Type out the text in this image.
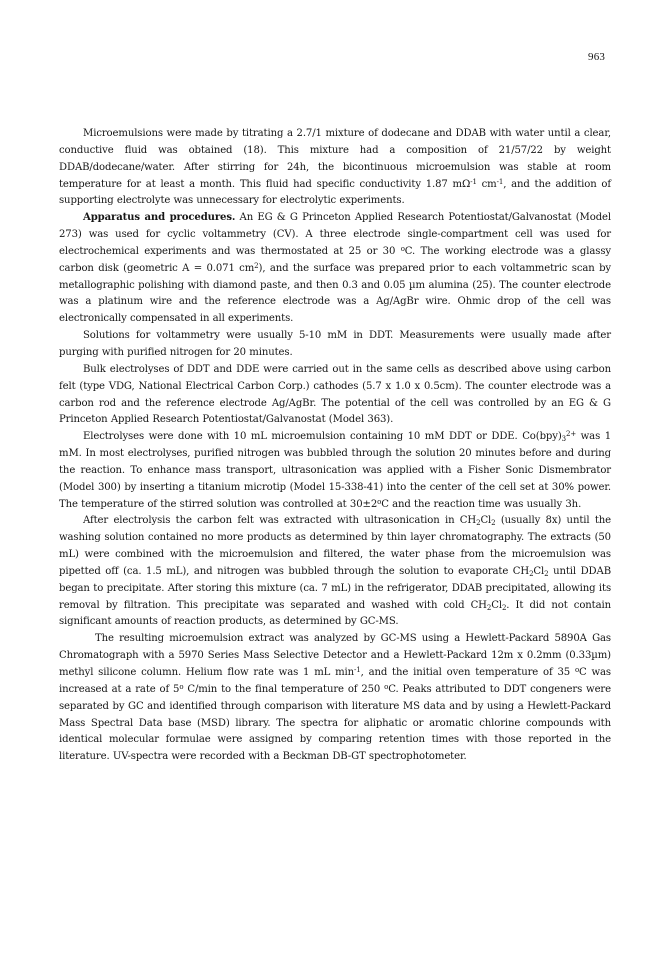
963

Microemulsions were made by titrating a 2.7/1 mixture of dodecane and DDAB with water until a clear, conductive fluid was obtained (18). This mixture had a composition of 21/57/22 by weight DDAB/dodecane/water. After stirring for 24h, the bicontinuous microemulsion was stable at room temperature for at least a month. This fluid had specific conductivity 1.87 $m\Omega^{-1}$ $cm^{-1}$, and the addition of supporting electrolyte was unnecessary for electrolytic experiments.

Apparatus and procedures. An EG & G Princeton Applied Research Potentiostat/Galvanostat (Model 273) was used for cyclic voltammetry (CV). A three electrode single-compartment cell was used for electrochemical experiments and was thermostated at 25 or 30 $^o$C. The working electrode was a glassy carbon disk (geometric A = 0.071 $cm^2$), and the surface was prepared prior to each voltammetric scan by metallographic polishing with diamond paste, and then 0.3 and 0.05 µm alumina (25). The counter electrode was a platinum wire and the reference electrode was a Ag/AgBr wire. Ohmic drop of the cell was electronically compensated in all experiments.

Solutions for voltammetry were usually 5-10 mM in DDT. Measurements were usually made after purging with purified nitrogen for 20 minutes.

Bulk electrolyses of DDT and DDE were carried out in the same cells as described above using carbon felt (type VDG, National Electrical Carbon Corp.) cathodes (5.7 x 1.0 x 0.5cm). The counter electrode was a carbon rod and the reference electrode Ag/AgBr. The potential of the cell was controlled by an EG & G Princeton Applied Research Potentiostat/Galvanostat (Model 363).

Electrolyses were done with 10 mL microemulsion containing 10 mM DDT or DDE. $Co(bpy)_3^{2+}$ was 1 mM. In most electrolyses, purified nitrogen was bubbled through the solution 20 minutes before and during the reaction. To enhance mass transport, ultrasonication was applied with a Fisher Sonic Dismembrator (Model 300) by inserting a titanium microtip (Model 15-338-41) into the center of the cell set at 30% power. The temperature of the stirred solution was controlled at $30\pm 2^oC$ and the reaction time was usually 3h.

After electrolysis the carbon felt was extracted with ultrasonication in $CH_2Cl_2$ (usually 8x) until the washing solution contained no more products as determined by thin layer chromatography. The extracts (50 mL) were combined with the microemulsion and filtered, the water phase from the microemulsion was pipetted off (ca. 1.5 mL), and nitrogen was bubbled through the solution to evaporate $CH_2Cl_2$ until DDAB began to precipitate. After storing this mixture (ca. 7 mL) in the refrigerator, DDAB precipitated, allowing its removal by filtration. This precipitate was separated and washed with cold $CH_2Cl_2$. It did not contain significant amounts of reaction products, as determined by GC-MS.

The resulting microemulsion extract was analyzed by GC-MS using a Hewlett-Packard 5890A Gas Chromatograph with a 5970 Series Mass Selective Detector and a Hewlett-Packard 12m x 0.2mm (0.33µm) methyl silicone column. Helium flow rate was 1 mL $\min^{-1}$, and the initial oven temperature of 35 $^o$C was increased at a rate of 5$^o$ C/min to the final temperature of 250 $^o$C. Peaks attributed to DDT congeners were separated by GC and identified through comparison with literature MS data and by using a Hewlett-Packard Mass Spectral Data base (MSD) library. The spectra for aliphatic or aromatic chlorine compounds with identical molecular formulae were assigned by comparing retention times with those reported in the literature. UV-spectra were recorded with a Beckman DB-GT spectrophotometer.
